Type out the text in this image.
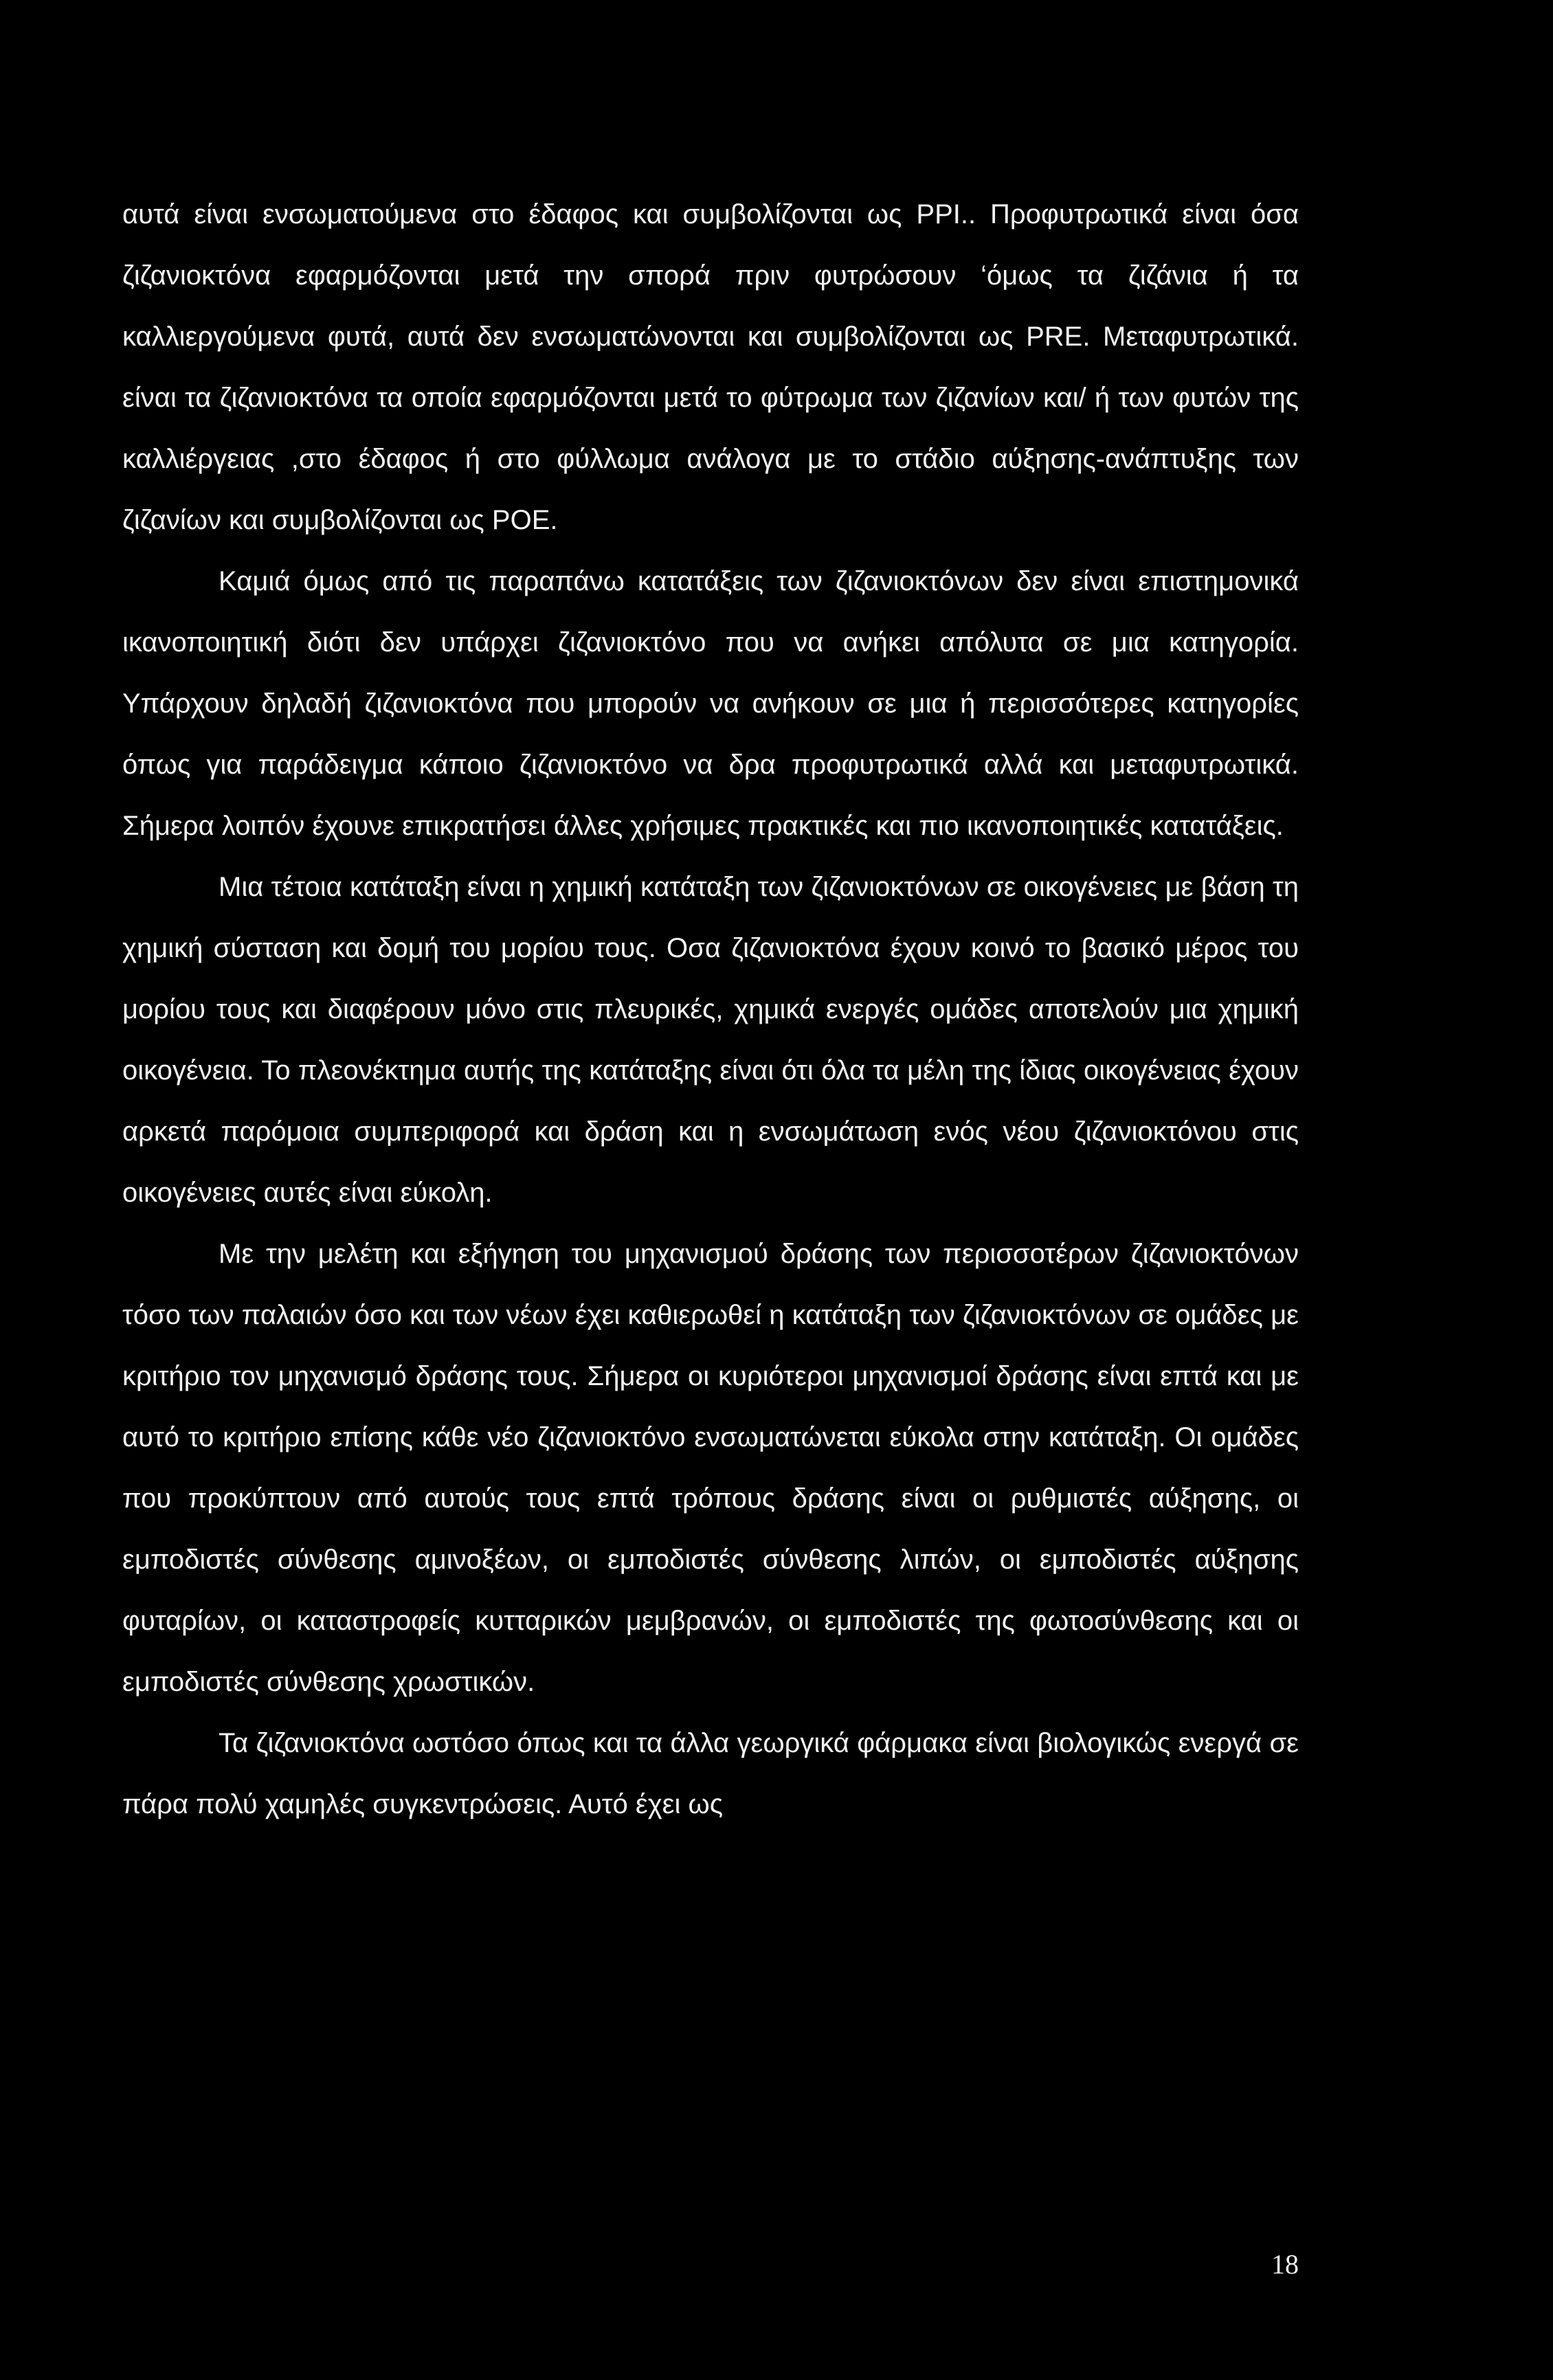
αυτά είναι ενσωματούμενα στο έδαφος και συμβολίζονται ως PPI.. Προφυτρωτικά είναι όσα ζιζανιοκτόνα εφαρμόζονται μετά την σπορά πριν φυτρώσουν ‘όμως τα ζιζάνια ή τα καλλιεργούμενα φυτά, αυτά δεν ενσωματώνονται και συμβολίζονται ως PRE. Μεταφυτρωτικά. είναι τα ζιζανιοκτόνα τα οποία εφαρμόζονται μετά το φύτρωμα των ζιζανίων και/ ή των φυτών της καλλιέργειας ,στο έδαφος ή στο φύλλωμα ανάλογα με το στάδιο αύξησης-ανάπτυξης των ζιζανίων και συμβολίζονται ως POE.

Καμιά όμως από τις παραπάνω κατατάξεις των ζιζανιοκτόνων δεν είναι επιστημονικά ικανοποιητική διότι δεν υπάρχει ζιζανιοκτόνο που να ανήκει απόλυτα σε μια κατηγορία. Υπάρχουν δηλαδή ζιζανιοκτόνα που μπορούν να ανήκουν σε μια ή περισσότερες κατηγορίες όπως για παράδειγμα κάποιο ζιζανιοκτόνο να δρα προφυτρωτικά αλλά και μεταφυτρωτικά. Σήμερα λοιπόν έχουνε επικρατήσει άλλες χρήσιμες πρακτικές και πιο ικανοποιητικές κατατάξεις.

Μια τέτοια κατάταξη είναι η χημική κατάταξη των ζιζανιοκτόνων σε οικογένειες με βάση τη χημική σύσταση και δομή του μορίου τους. Οσα ζιζανιοκτόνα έχουν κοινό το βασικό μέρος του μορίου τους και διαφέρουν μόνο στις πλευρικές, χημικά ενεργές ομάδες αποτελούν μια χημική οικογένεια. Το πλεονέκτημα αυτής της κατάταξης είναι ότι όλα τα μέλη της ίδιας οικογένειας έχουν αρκετά παρόμοια συμπεριφορά και δράση και η ενσωμάτωση ενός νέου ζιζανιοκτόνου στις οικογένειες αυτές είναι εύκολη.

Με την μελέτη και εξήγηση του μηχανισμού δράσης των περισσοτέρων ζιζανιοκτόνων τόσο των παλαιών όσο και των νέων έχει καθιερωθεί η κατάταξη των ζιζανιοκτόνων σε ομάδες με κριτήριο τον μηχανισμό δράσης τους. Σήμερα οι κυριότεροι μηχανισμοί δράσης είναι επτά και με αυτό το κριτήριο επίσης κάθε νέο ζιζανιοκτόνο ενσωματώνεται εύκολα στην κατάταξη. Οι ομάδες που προκύπτουν από αυτούς τους επτά τρόπους δράσης είναι οι ρυθμιστές αύξησης, οι εμποδιστές σύνθεσης αμινοξέων, οι εμποδιστές σύνθεσης λιπών, οι εμποδιστές αύξησης φυταρίων, οι καταστροφείς κυτταρικών μεμβρανών, οι εμποδιστές της φωτοσύνθεσης και οι εμποδιστές σύνθεσης χρωστικών.

Τα ζιζανιοκτόνα ωστόσο όπως και τα άλλα γεωργικά φάρμακα είναι βιολογικώς ενεργά σε πάρα πολύ χαμηλές συγκεντρώσεις. Αυτό έχει ως

18
